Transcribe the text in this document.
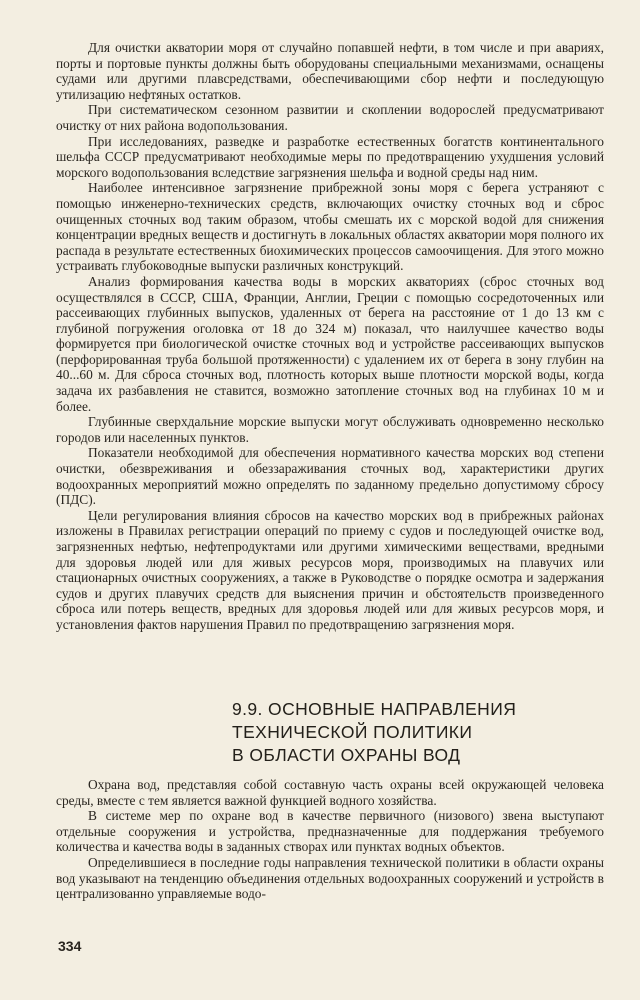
Для очистки акватории моря от случайно попавшей нефти, в том числе и при авариях, порты и портовые пункты должны быть оборудованы специальными механизмами, оснащены судами или другими плавсредствами, обеспечивающими сбор нефти и последующую утилизацию нефтяных остатков.

При систематическом сезонном развитии и скоплении водорослей предусматривают очистку от них района водопользования.

При исследованиях, разведке и разработке естественных богатств континентального шельфа СССР предусматривают необходимые меры по предотвращению ухудшения условий морского водопользования вследствие загрязнения шельфа и водной среды над ним.

Наиболее интенсивное загрязнение прибрежной зоны моря с берега устраняют с помощью инженерно-технических средств, включающих очистку сточных вод и сброс очищенных сточных вод таким образом, чтобы смешать их с морской водой для снижения концентрации вредных веществ и достигнуть в локальных областях акватории моря полного их распада в результате естественных биохимических процессов самоочищения. Для этого можно устраивать глубоководные выпуски различных конструкций.

Анализ формирования качества воды в морских акваториях (сброс сточных вод осуществлялся в СССР, США, Франции, Англии, Греции с помощью сосредоточенных или рассеивающих глубинных выпусков, удаленных от берега на расстояние от 1 до 13 км с глубиной погружения оголовка от 18 до 324 м) показал, что наилучшее качество воды формируется при биологической очистке сточных вод и устройстве рассеивающих выпусков (перфорированная труба большой протяженности) с удалением их от берега в зону глубин на 40...60 м. Для сброса сточных вод, плотность которых выше плотности морской воды, когда задача их разбавления не ставится, возможно затопление сточных вод на глубинах 10 м и более.

Глубинные сверхдальние морские выпуски могут обслуживать одновременно несколько городов или населенных пунктов.

Показатели необходимой для обеспечения нормативного качества морских вод степени очистки, обезвреживания и обеззараживания сточных вод, характеристики других водоохранных мероприятий можно определять по заданному предельно допустимому сбросу (ПДС).

Цели регулирования влияния сбросов на качество морских вод в прибрежных районах изложены в Правилах регистрации операций по приему с судов и последующей очистке вод, загрязненных нефтью, нефтепродуктами или другими химическими веществами, вредными для здоровья людей или для живых ресурсов моря, производимых на плавучих или стационарных очистных сооружениях, а также в Руководстве о порядке осмотра и задержания судов и других плавучих средств для выяснения причин и обстоятельств произведенного сброса или потерь веществ, вредных для здоровья людей или для живых ресурсов моря, и установления фактов нарушения Правил по предотвращению загрязнения моря.

9.9. ОСНОВНЫЕ НАПРАВЛЕНИЯ
ТЕХНИЧЕСКОЙ ПОЛИТИКИ
В ОБЛАСТИ ОХРАНЫ ВОД

Охрана вод, представляя собой составную часть охраны всей окружающей человека среды, вместе с тем является важной функцией водного хозяйства.

В системе мер по охране вод в качестве первичного (низового) звена выступают отдельные сооружения и устройства, предназначенные для поддержания требуемого количества и качества воды в заданных створах или пунктах водных объектов.

Определившиеся в последние годы направления технической политики в области охраны вод указывают на тенденцию объединения отдельных водоохранных сооружений и устройств в централизованно управляемые водо-

334
